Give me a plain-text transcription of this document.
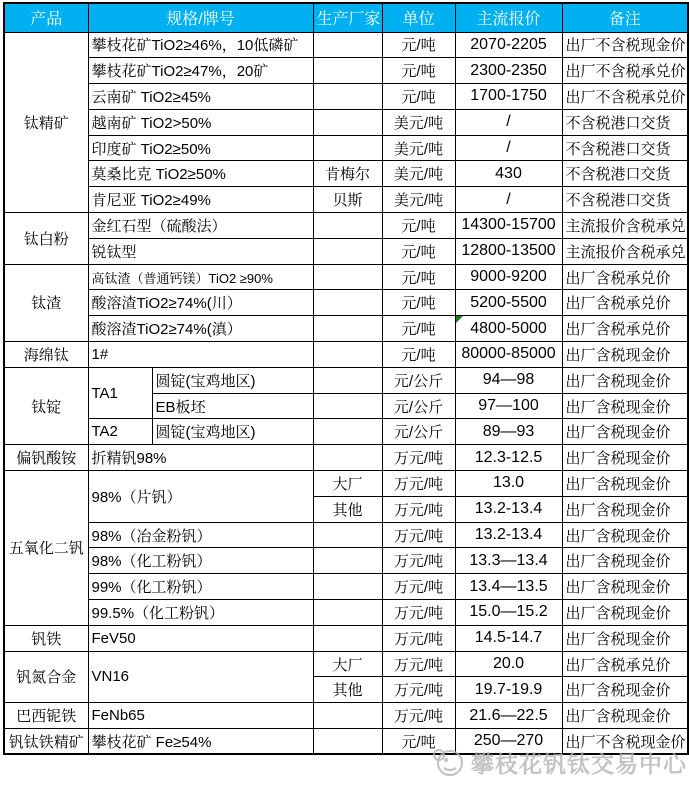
产品	规格/牌号		生产厂家	单位	主流报价	备注
钛精矿	攀枝花矿TiO2≥46%，10低磷矿			元/吨	2070-2205	出厂不含税现金价
	攀枝花矿TiO2≥47%，20矿			元/吨	2300-2350	出厂不含税承兑价
	云南矿 TiO2≥45%			元/吨	1700-1750	出厂不含税承兑价
	越南矿 TiO2>50%			美元/吨	/	不含税港口交货
	印度矿 TiO2≥50%			美元/吨	/	不含税港口交货
	莫桑比克 TiO2≥50%		肯梅尔	美元/吨	430	不含税港口交货
	肯尼亚 TiO2≥49%		贝斯	美元/吨	/	不含税港口交货
钛白粉	金红石型（硫酸法）			元/吨	14300-15700	主流报价含税承兑
	锐钛型			元/吨	12800-13500	主流报价含税承兑
钛渣	高钛渣（普通钙镁）TiO2 ≥90%			元/吨	9000-9200	出厂含税承兑价
	酸溶渣TiO2≥74%(川）			元/吨	5200-5500	出厂含税承兑价
	酸溶渣TiO2≥74%(滇）			元/吨	4800-5000	出厂含税承兑价
海绵钛	1#			元/吨	80000-85000	出厂含税现金价
钛锭	TA1	圆锭(宝鸡地区)		元/公斤	94—98	出厂含税现金价
		EB板坯		元/公斤	97—100	出厂含税现金价
	TA2	圆锭(宝鸡地区)		元/公斤	89—93	出厂含税现金价
偏钒酸铵	折精钒98%			万元/吨	12.3-12.5	出厂含税现金价
五氧化二钒	98%（片钒）		大厂	万元/吨	13.0	出厂含税现金价
			其他	万元/吨	13.2-13.4	出厂含税现金价
	98%（冶金粉钒）			万元/吨	13.2-13.4	出厂含税现金价
	98%（化工粉钒）			万元/吨	13.3—13.4	出厂含税现金价
	99%（化工粉钒）			万元/吨	13.4—13.5	出厂含税现金价
	99.5%（化工粉钒）			万元/吨	15.0—15.2	出厂含税现金价
钒铁	FeV50			万元/吨	14.5-14.7	出厂含税现金价
钒氮合金	VN16		大厂	万元/吨	20.0	出厂含税承兑价
			其他	万元/吨	19.7-19.9	出厂含税现金价
巴西铌铁	FeNb65			万元/吨	21.6—22.5	出厂含税现金价
钒钛铁精矿	攀枝花矿 Fe≥54%			元/吨	250—270	出厂不含税现金价
攀枝花钒钛交易中心
